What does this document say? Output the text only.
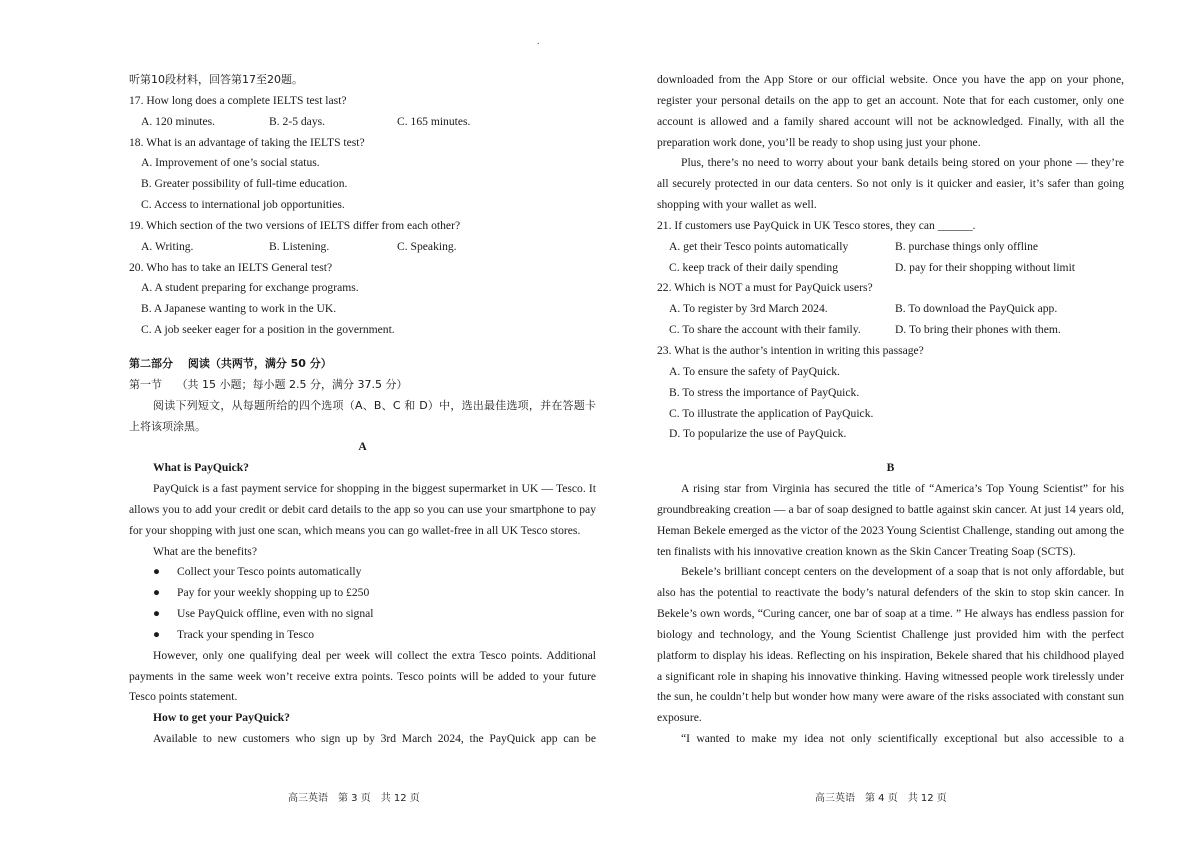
.

听第10段材料，回答第17至20题。

17. How long does a complete IELTS test last?

A. 120 minutes.	B. 2-5 days.	C. 165 minutes.

18. What is an advantage of taking the IELTS test?

A. Improvement of one’s social status.

B. Greater possibility of full-time education.

C. Access to international job opportunities.

19. Which section of the two versions of IELTS differ from each other?

A. Writing.	B. Listening.	C. Speaking.

20. Who has to take an IELTS General test?

A. A student preparing for exchange programs.

B. A Japanese wanting to work in the UK.

C. A job seeker eager for a position in the government.

第二部分　 阅读（共两节，满分 50 分）

第一节　 （共 15 小题；每小题 2.5 分，满分 37.5 分）

阅读下列短文，从每题所给的四个选项（A、B、C 和 D）中，选出最佳选项，并在答题卡上将该项涂黑。

A

What is PayQuick?

PayQuick is a fast payment service for shopping in the biggest supermarket in UK — Tesco. It allows you to add your credit or debit card details to the app so you can use your smartphone to pay for your shopping with just one scan, which means you can go wallet-free in all UK Tesco stores.

What are the benefits?

●	Collect your Tesco points automatically
●	Pay for your weekly shopping up to £250
●	Use PayQuick offline, even with no signal
●	Track your spending in Tesco

However, only one qualifying deal per week will collect the extra Tesco points. Additional payments in the same week won’t receive extra points. Tesco points will be added to your future Tesco points statement.

How to get your PayQuick?

Available to new customers who sign up by 3rd March 2024, the PayQuick app can be

downloaded from the App Store or our official website. Once you have the app on your phone, register your personal details on the app to get an account. Note that for each customer, only one account is allowed and a family shared account will not be acknowledged. Finally, with all the preparation work done, you’ll be ready to shop using just your phone.

Plus, there’s no need to worry about your bank details being stored on your phone — they’re all securely protected in our data centers. So not only is it quicker and easier, it’s safer than going shopping with your wallet as well.

21. If customers use PayQuick in UK Tesco stores, they can ______.

A. get their Tesco points automatically	B. purchase things only offline
C. keep track of their daily spending	D. pay for their shopping without limit

22. Which is NOT a must for PayQuick users?

A. To register by 3rd March 2024.	B. To download the PayQuick app.
C. To share the account with their family.	D. To bring their phones with them.

23. What is the author’s intention in writing this passage?

A. To ensure the safety of PayQuick.

B. To stress the importance of PayQuick.

C. To illustrate the application of PayQuick.

D. To popularize the use of PayQuick.

B

A rising star from Virginia has secured the title of “America’s Top Young Scientist” for his groundbreaking creation — a bar of soap designed to battle against skin cancer. At just 14 years old, Heman Bekele emerged as the victor of the 2023 Young Scientist Challenge, standing out among the ten finalists with his innovative creation known as the Skin Cancer Treating Soap (SCTS).

Bekele’s brilliant concept centers on the development of a soap that is not only affordable, but also has the potential to reactivate the body’s natural defenders of the skin to stop skin cancer. In Bekele’s own words, “Curing cancer, one bar of soap at a time. ” He always has endless passion for biology and technology, and the Young Scientist Challenge just provided him with the perfect platform to display his ideas. Reflecting on his inspiration, Bekele shared that his childhood played a significant role in shaping his innovative thinking. Having witnessed people work tirelessly under the sun, he couldn’t help but wonder how many were aware of the risks associated with constant sun exposure.

“I wanted to make my idea not only scientifically exceptional but also accessible to a

高三英语　第 3 页　共 12 页	高三英语　第 4 页　共 12 页
